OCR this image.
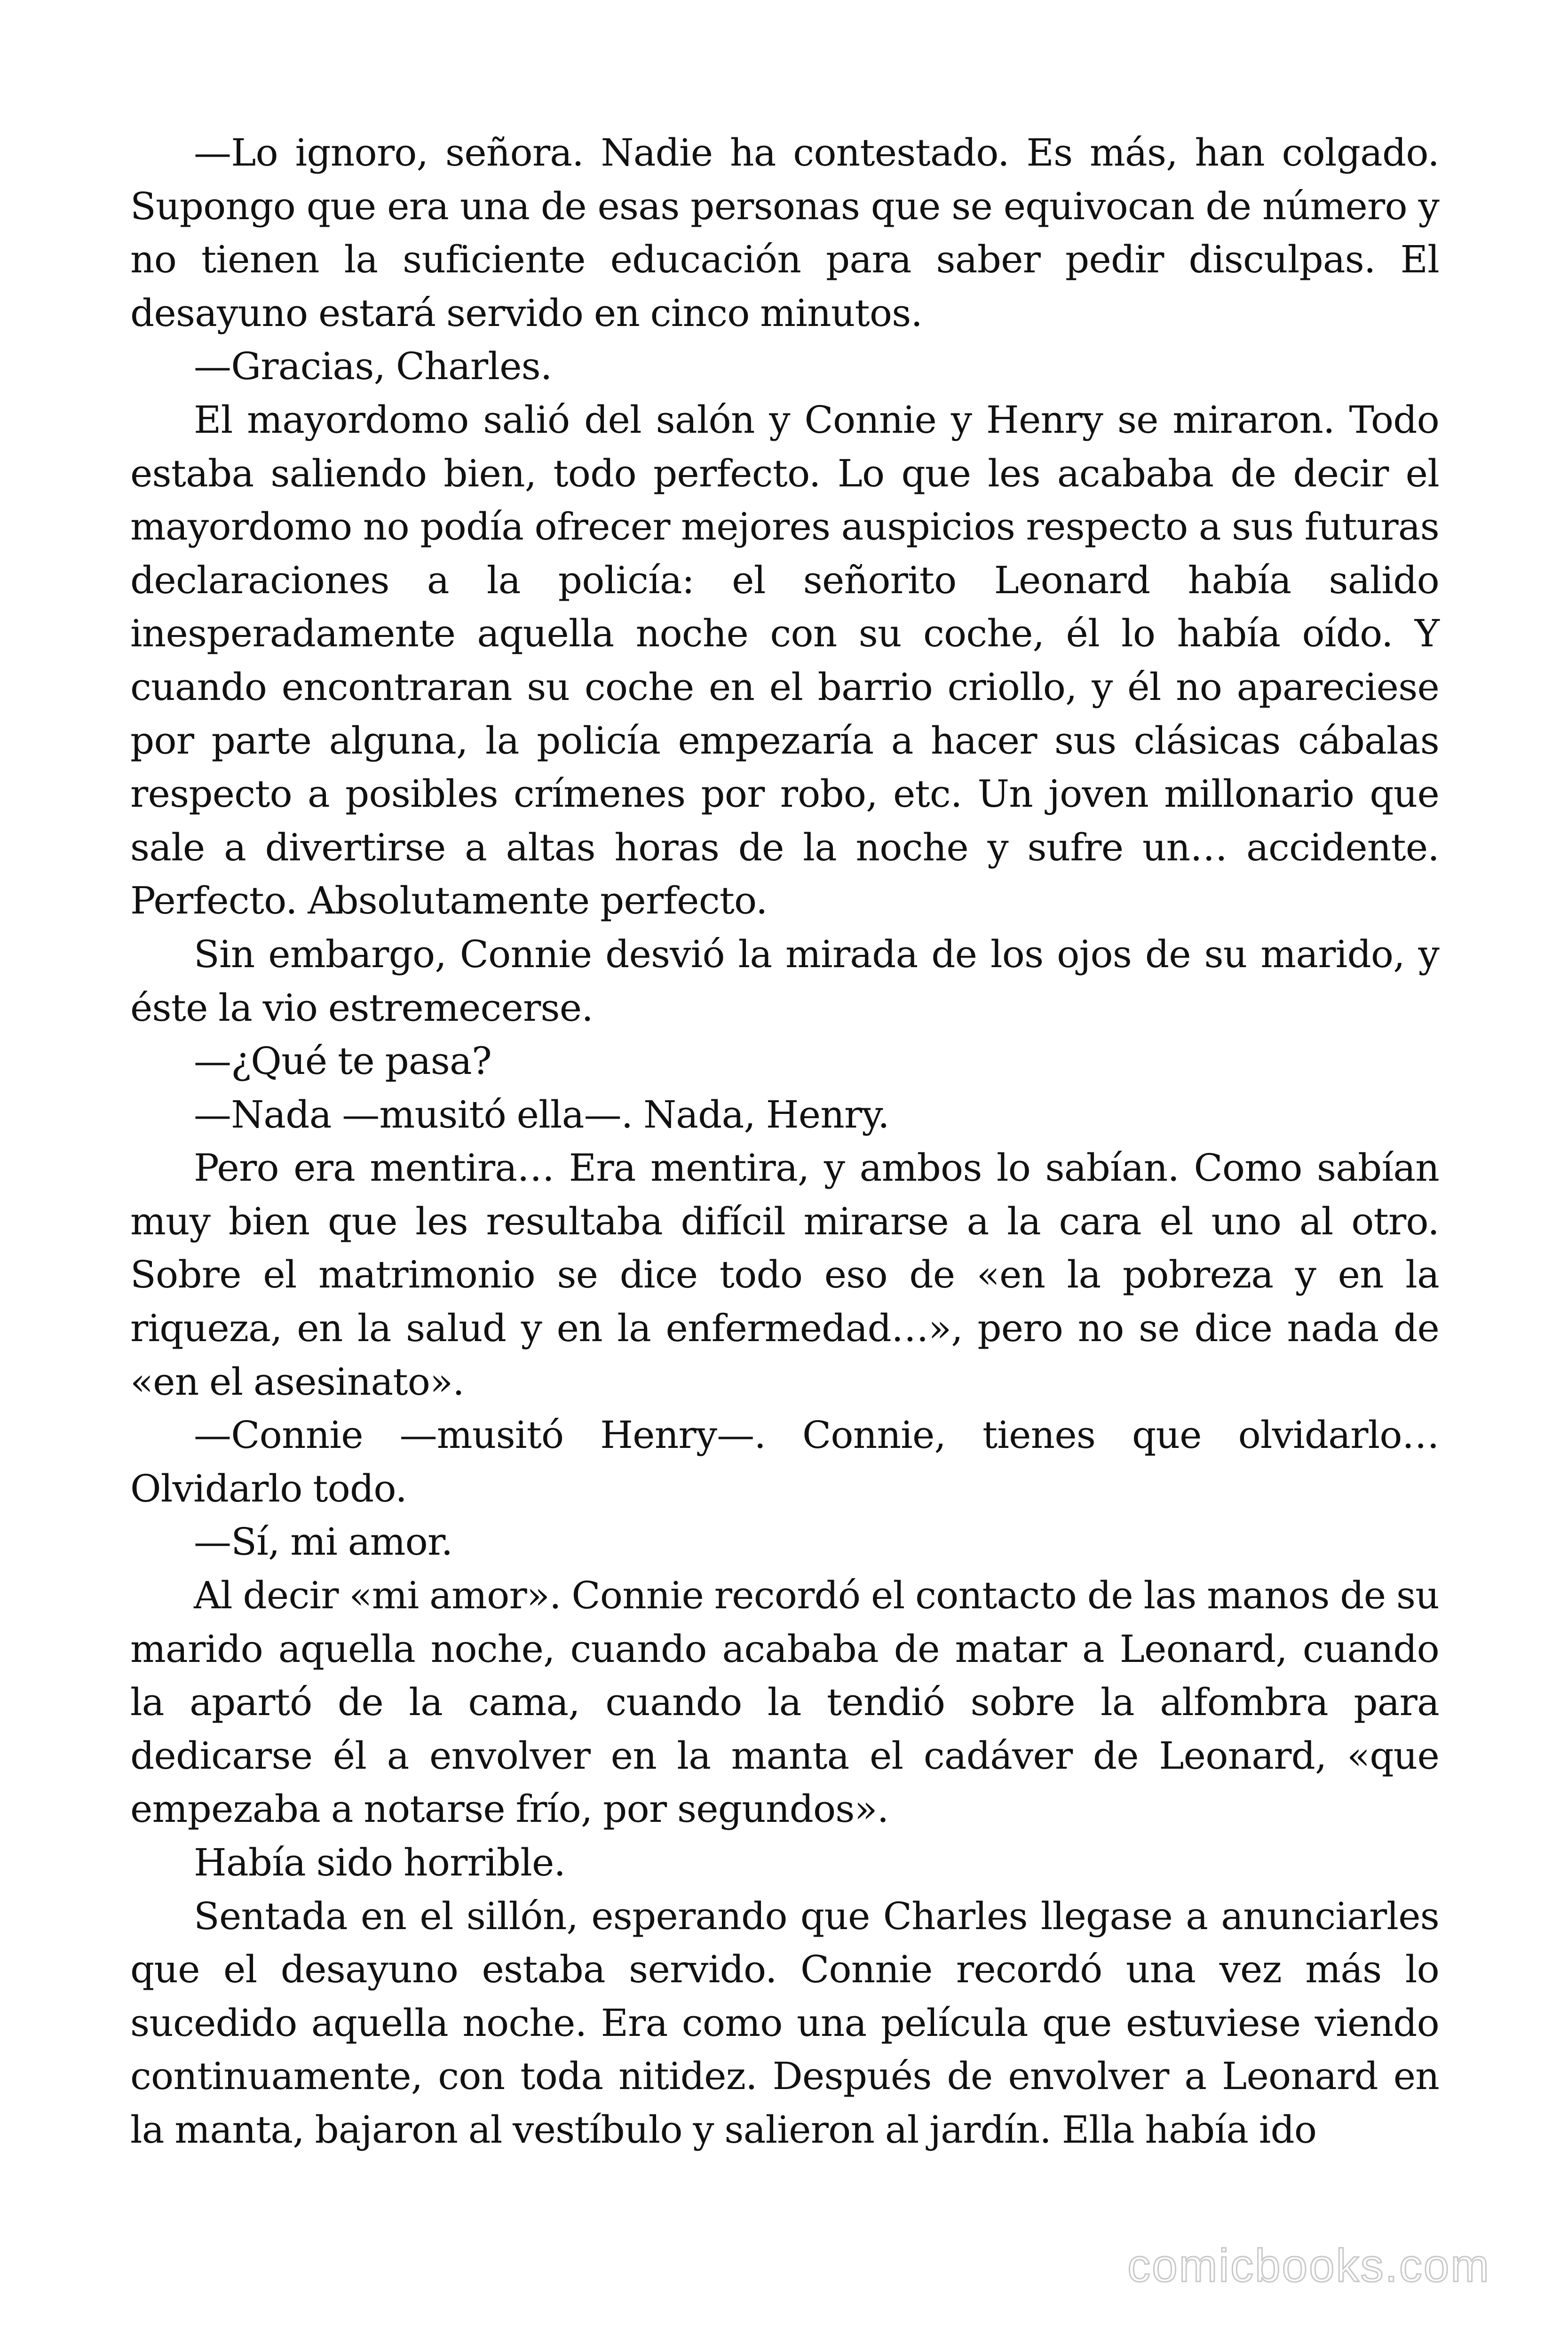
—Lo ignoro, señora. Nadie ha contestado. Es más, han colgado. Supongo que era una de esas personas que se equivocan de número y no tienen la suficiente educación para saber pedir disculpas. El desayuno estará servido en cinco minutos.

—Gracias, Charles.

El mayordomo salió del salón y Connie y Henry se miraron. Todo estaba saliendo bien, todo perfecto. Lo que les acababa de decir el mayordomo no podía ofrecer mejores auspicios respecto a sus futuras declaraciones a la policía: el señorito Leonard había salido inesperadamente aquella noche con su coche, él lo había oído. Y cuando encontraran su coche en el barrio criollo, y él no apareciese por parte alguna, la policía empezaría a hacer sus clásicas cábalas respecto a posibles crímenes por robo, etc. Un joven millonario que sale a divertirse a altas horas de la noche y sufre un… accidente. Perfecto. Absolutamente perfecto.

Sin embargo, Connie desvió la mirada de los ojos de su marido, y éste la vio estremecerse.

—¿Qué te pasa?

—Nada —musitó ella—. Nada, Henry.

Pero era mentira… Era mentira, y ambos lo sabían. Como sabían muy bien que les resultaba difícil mirarse a la cara el uno al otro. Sobre el matrimonio se dice todo eso de «en la pobreza y en la riqueza, en la salud y en la enfermedad…», pero no se dice nada de «en el asesinato».

—Connie —musitó Henry—. Connie, tienes que olvidarlo… Olvidarlo todo.

—Sí, mi amor.

Al decir «mi amor». Connie recordó el contacto de las manos de su marido aquella noche, cuando acababa de matar a Leonard, cuando la apartó de la cama, cuando la tendió sobre la alfombra para dedicarse él a envolver en la manta el cadáver de Leonard, «que empezaba a notarse frío, por segundos».

Había sido horrible.

Sentada en el sillón, esperando que Charles llegase a anunciarles que el desayuno estaba servido. Connie recordó una vez más lo sucedido aquella noche. Era como una película que estuviese viendo continuamente, con toda nitidez. Después de envolver a Leonard en la manta, bajaron al vestíbulo y salieron al jardín. Ella había ido

comicbooks.com
